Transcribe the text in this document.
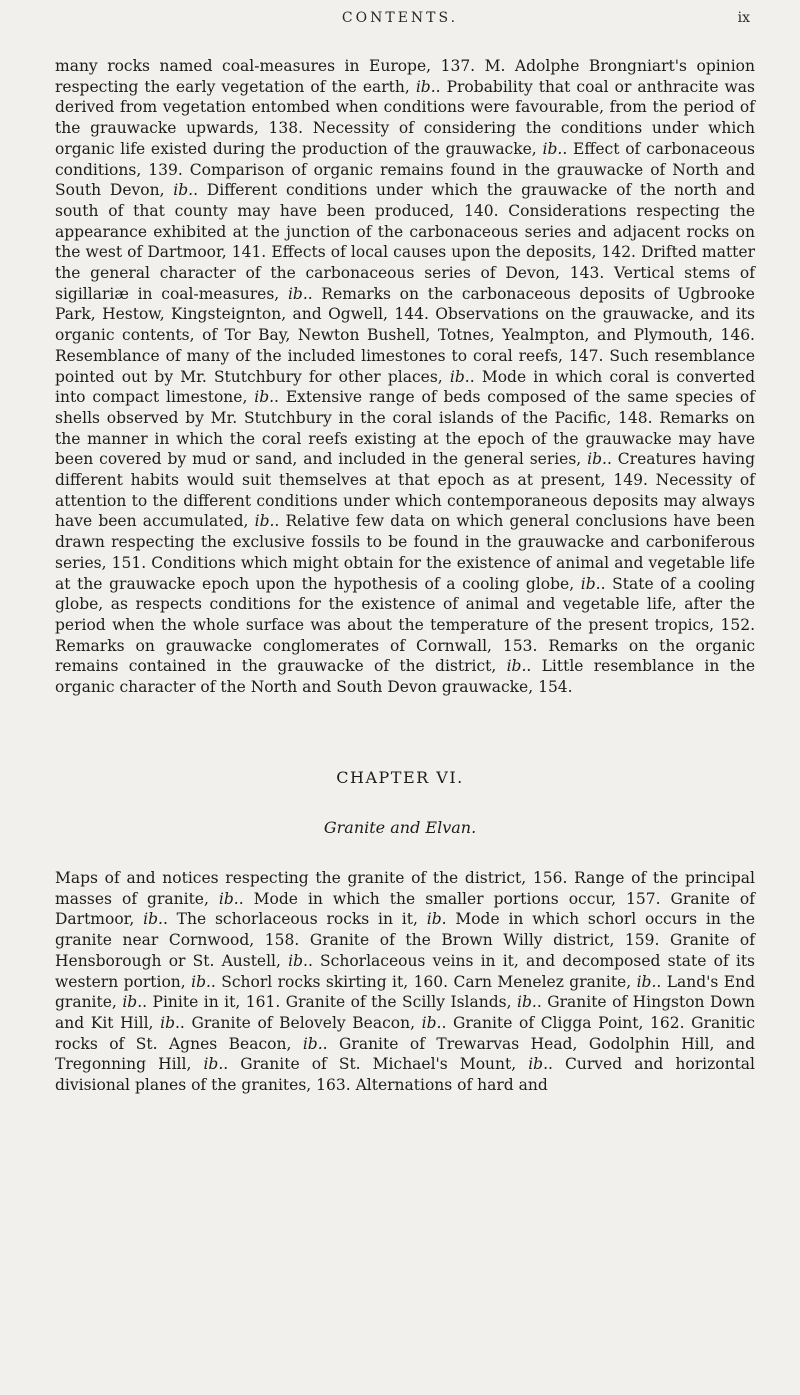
CONTENTS.	ix

many rocks named coal-measures in Europe, 137. M. Adolphe Brongniart's opinion respecting the early vegetation of the earth, ib.. Probability that coal or anthracite was derived from vegetation entombed when conditions were favourable, from the period of the grauwacke upwards, 138. Necessity of considering the conditions under which organic life existed during the production of the grauwacke, ib.. Effect of carbonaceous conditions, 139. Comparison of organic remains found in the grauwacke of North and South Devon, ib.. Different conditions under which the grauwacke of the north and south of that county may have been produced, 140. Considerations respecting the appearance exhibited at the junction of the carbonaceous series and adjacent rocks on the west of Dartmoor, 141. Effects of local causes upon the deposits, 142. Drifted matter the general character of the carbonaceous series of Devon, 143. Vertical stems of sigillariæ in coal-measures, ib.. Remarks on the carbonaceous deposits of Ugbrooke Park, Hestow, Kingsteignton, and Ogwell, 144. Observations on the grauwacke, and its organic contents, of Tor Bay, Newton Bushell, Totnes, Yealmpton, and Plymouth, 146. Resemblance of many of the included limestones to coral reefs, 147. Such resemblance pointed out by Mr. Stutchbury for other places, ib.. Mode in which coral is converted into compact limestone, ib.. Extensive range of beds composed of the same species of shells observed by Mr. Stutchbury in the coral islands of the Pacific, 148. Remarks on the manner in which the coral reefs existing at the epoch of the grauwacke may have been covered by mud or sand, and included in the general series, ib.. Creatures having different habits would suit themselves at that epoch as at present, 149. Necessity of attention to the different conditions under which contemporaneous deposits may always have been accumulated, ib.. Relative few data on which general conclusions have been drawn respecting the exclusive fossils to be found in the grauwacke and carboniferous series, 151. Conditions which might obtain for the existence of animal and vegetable life at the grauwacke epoch upon the hypothesis of a cooling globe, ib.. State of a cooling globe, as respects conditions for the existence of animal and vegetable life, after the period when the whole surface was about the temperature of the present tropics, 152. Remarks on grauwacke conglomerates of Cornwall, 153. Remarks on the organic remains contained in the grauwacke of the district, ib.. Little resemblance in the organic character of the North and South Devon grauwacke, 154.

CHAPTER VI.
Granite and Elvan.

Maps of and notices respecting the granite of the district, 156. Range of the principal masses of granite, ib.. Mode in which the smaller portions occur, 157. Granite of Dartmoor, ib.. The schorlaceous rocks in it, ib. Mode in which schorl occurs in the granite near Cornwood, 158. Granite of the Brown Willy district, 159. Granite of Hensborough or St. Austell, ib.. Schorlaceous veins in it, and decomposed state of its western portion, ib.. Schorl rocks skirting it, 160. Carn Menelez granite, ib.. Land's End granite, ib.. Pinite in it, 161. Granite of the Scilly Islands, ib.. Granite of Hingston Down and Kit Hill, ib.. Granite of Belovely Beacon, ib.. Granite of Cligga Point, 162. Granitic rocks of St. Agnes Beacon, ib.. Granite of Trewarvas Head, Godolphin Hill, and Tregonning Hill, ib.. Granite of St. Michael's Mount, ib.. Curved and horizontal divisional planes of the granites, 163. Alternations of hard and
